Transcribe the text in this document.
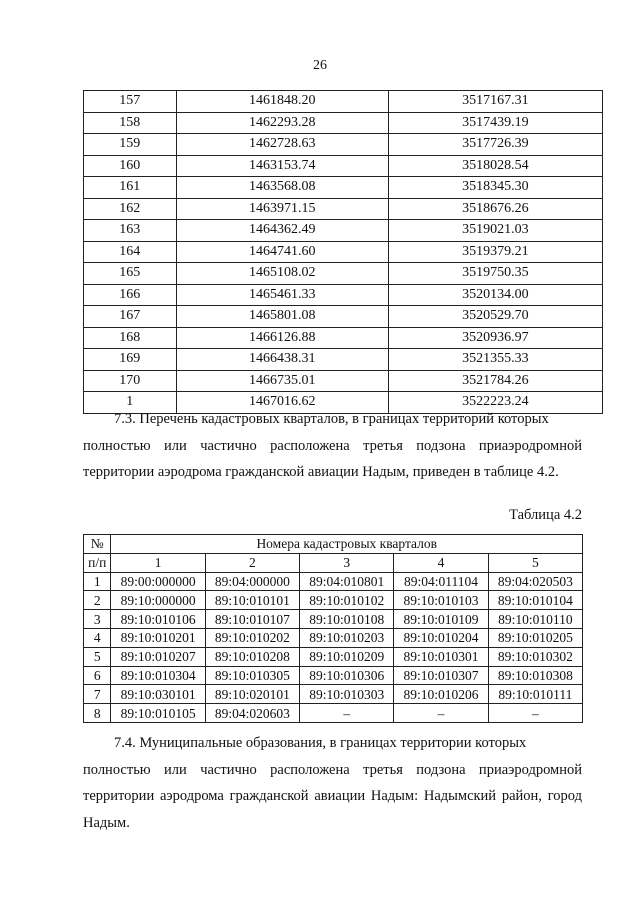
26
157	1461848.20	3517167.31
158	1462293.28	3517439.19
159	1462728.63	3517726.39
160	1463153.74	3518028.54
161	1463568.08	3518345.30
162	1463971.15	3518676.26
163	1464362.49	3519021.03
164	1464741.60	3519379.21
165	1465108.02	3519750.35
166	1465461.33	3520134.00
167	1465801.08	3520529.70
168	1466126.88	3520936.97
169	1466438.31	3521355.33
170	1466735.01	3521784.26
1	1467016.62	3522223.24
7.3. Перечень кадастровых кварталов, в границах территорий которых
полностью или частично расположена третья подзона приаэродромной территории аэродрома гражданской авиации Надым, приведен в таблице 4.2.
Таблица 4.2
№	Номера кадастровых кварталов				
п/п	1	2	3	4	5
1	89:00:000000	89:04:000000	89:04:010801	89:04:011104	89:04:020503
2	89:10:000000	89:10:010101	89:10:010102	89:10:010103	89:10:010104
3	89:10:010106	89:10:010107	89:10:010108	89:10:010109	89:10:010110
4	89:10:010201	89:10:010202	89:10:010203	89:10:010204	89:10:010205
5	89:10:010207	89:10:010208	89:10:010209	89:10:010301	89:10:010302
6	89:10:010304	89:10:010305	89:10:010306	89:10:010307	89:10:010308
7	89:10:030101	89:10:020101	89:10:010303	89:10:010206	89:10:010111
8	89:10:010105	89:04:020603	–	–	–
7.4. Муниципальные образования, в границах территории которых
полностью или частично расположена третья подзона приаэродромной территории аэродрома гражданской авиации Надым: Надымский район, город Надым.
